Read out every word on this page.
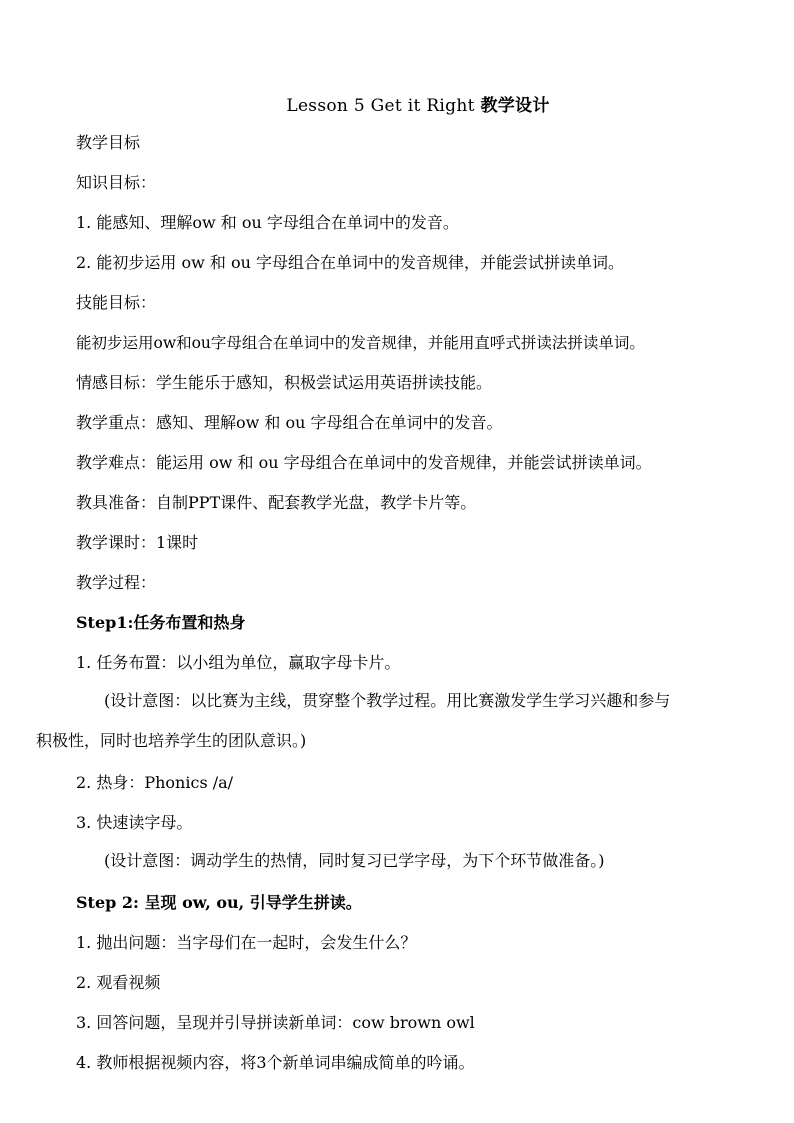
Lesson 5 Get it Right 教学设计
教学目标
知识目标：
1. 能感知、理解ow 和 ou 字母组合在单词中的发音。
2. 能初步运用 ow 和 ou 字母组合在单词中的发音规律，并能尝试拼读单词。
技能目标：
能初步运用ow和ou字母组合在单词中的发音规律，并能用直呼式拼读法拼读单词。
情感目标：学生能乐于感知，积极尝试运用英语拼读技能。
教学重点：感知、理解ow 和 ou 字母组合在单词中的发音。
教学难点：能运用 ow 和 ou 字母组合在单词中的发音规律，并能尝试拼读单词。
教具准备：自制PPT课件、配套教学光盘，教学卡片等。
教学课时：1课时
教学过程：
Step1:任务布置和热身
1. 任务布置：以小组为单位，赢取字母卡片。
(设计意图：以比赛为主线，贯穿整个教学过程。用比赛激发学生学习兴趣和参与
积极性，同时也培养学生的团队意识。)
2. 热身：Phonics /a/
3. 快速读字母。
(设计意图：调动学生的热情，同时复习已学字母，为下个环节做准备。)
Step 2: 呈现 ow, ou, 引导学生拼读。
1. 抛出问题：当字母们在一起时，会发生什么？
2. 观看视频
3. 回答问题，呈现并引导拼读新单词：cow brown owl
4. 教师根据视频内容，将3个新单词串编成简单的吟诵。
